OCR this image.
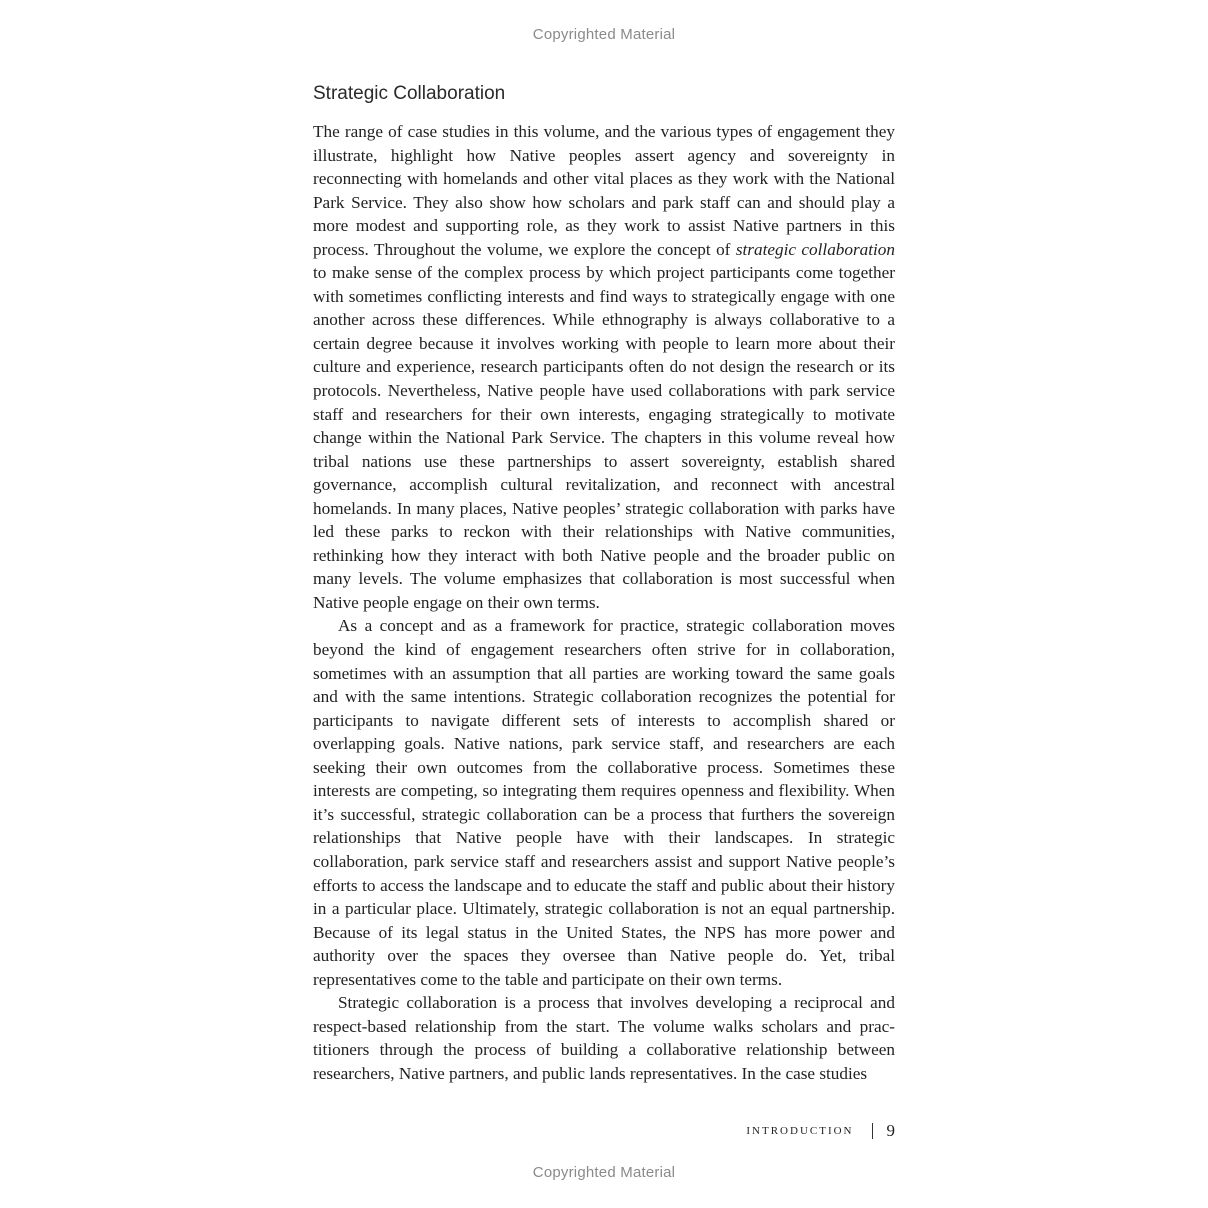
Copyrighted Material
Strategic Collaboration

The range of case studies in this volume, and the various types of engagement they illustrate, highlight how Native peoples assert agency and sovereignty in reconnecting with homelands and other vital places as they work with the National Park Service. They also show how scholars and park staff can and should play a more modest and supporting role, as they work to assist Native partners in this process. Throughout the volume, we explore the concept of strategic collaboration to make sense of the complex process by which project participants come together with sometimes conflicting interests and find ways to strategically engage with one another across these differences. While ethnography is always collaborative to a certain degree because it involves working with people to learn more about their culture and experience, research participants often do not design the research or its protocols. Nevertheless, Native people have used collaborations with park service staff and researchers for their own interests, engaging strategically to motivate change within the National Park Service. The chapters in this volume reveal how tribal nations use these partnerships to assert sovereignty, establish shared governance, accomplish cultural revitalization, and reconnect with ancestral homelands. In many places, Native peoples’ strategic collaboration with parks have led these parks to reckon with their relationships with Native communities, rethinking how they interact with both Native people and the broader public on many levels. The volume emphasizes that collaboration is most successful when Native people engage on their own terms.

As a concept and as a framework for practice, strategic collaboration moves beyond the kind of engagement researchers often strive for in collaboration, sometimes with an assumption that all parties are working toward the same goals and with the same intentions. Strategic collaboration recognizes the potential for participants to navigate different sets of interests to accomplish shared or overlapping goals. Native nations, park service staff, and researchers are each seeking their own outcomes from the collaborative process. Sometimes these interests are competing, so integrating them requires openness and flexibility. When it’s successful, strategic collaboration can be a process that furthers the sovereign relationships that Native people have with their landscapes. In strategic collaboration, park service staff and researchers assist and support Native people’s efforts to access the landscape and to educate the staff and public about their history in a particular place. Ultimately, strategic collaboration is not an equal partnership. Because of its legal status in the United States, the NPS has more power and authority over the spaces they oversee than Native people do. Yet, tribal representatives come to the table and participate on their own terms.

Strategic collaboration is a process that involves developing a reciprocal and respect-based relationship from the start. The volume walks scholars and practitioners through the process of building a collaborative relationship between researchers, Native partners, and public lands representatives. In the case studies

INTRODUCTION 9
Copyrighted Material
